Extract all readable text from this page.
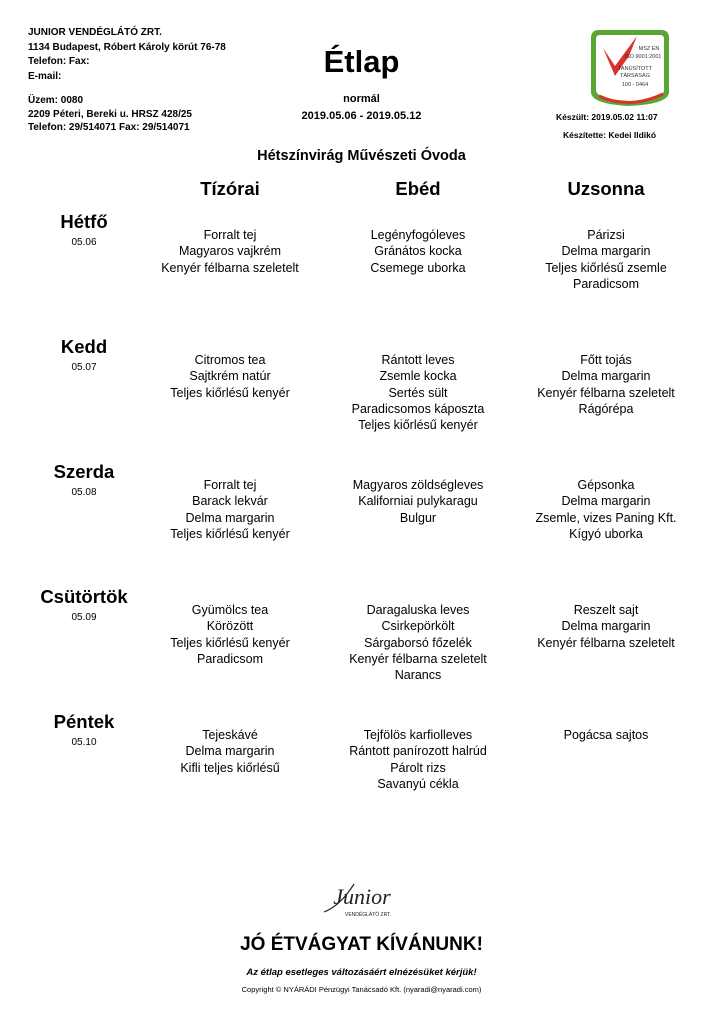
JUNIOR VENDÉGLÁTÓ ZRT.
1134 Budapest, Róbert Károly körút 76-78
Telefon: Fax:
E-mail:
Üzem: 0080
2209 Péteri, Bereki u. HRSZ 428/25
Telefon: 29/514071 Fax: 29/514071
Étlap
normál
2019.05.06 - 2019.05.12
MSZ EN
ISO 9001:2001
TANÚSÍTOTT
TÁRSASÁG
100 - 0464
Készült: 2019.05.02 11:07
Készítette: Kedei Ildikó
Hétszínvirág Művészeti Óvoda
Tízórai	Ebéd	Uzsonna
Hétfő
05.06
Forralt tej
Magyaros vajkrém
Kenyér félbarna szeletelt
Legényfogóleves
Gránátos kocka
Csemege uborka
Párizsi
Delma margarin
Teljes kiőrlésű zsemle
Paradicsom
Kedd
05.07
Citromos tea
Sajtkrém natúr
Teljes kiőrlésű kenyér
Rántott leves
Zsemle kocka
Sertés sült
Paradicsomos káposzta
Teljes kiőrlésű kenyér
Főtt tojás
Delma margarin
Kenyér félbarna szeletelt
Rágórépa
Szerda
05.08
Forralt tej
Barack lekvár
Delma margarin
Teljes kiőrlésű kenyér
Magyaros zöldségleves
Kaliforniai pulykaragu
Bulgur
Gépsonka
Delma margarin
Zsemle, vizes Paning Kft.
Kígyó uborka
Csütörtök
05.09
Gyümölcs tea
Körözött
Teljes kiőrlésű kenyér
Paradicsom
Daragaluska leves
Csirkepörkölt
Sárgaborsó főzelék
Kenyér félbarna szeletelt
Narancs
Reszelt sajt
Delma margarin
Kenyér félbarna szeletelt
Péntek
05.10
Tejeskávé
Delma margarin
Kifli teljes kiőrlésű
Tejfölös karfiolleves
Rántott panírozott halrúd
Párolt rizs
Savanyú cékla
Pogácsa sajtos
Junior
VENDÉGLÁTÓ ZRT.
JÓ ÉTVÁGYAT KÍVÁNUNK!
Az étlap esetleges változásáért elnézésüket kérjük!
Copyright © NYÁRÁDI Pénzügyi Tanácsadó Kft. (nyaradi@nyaradi.com)
